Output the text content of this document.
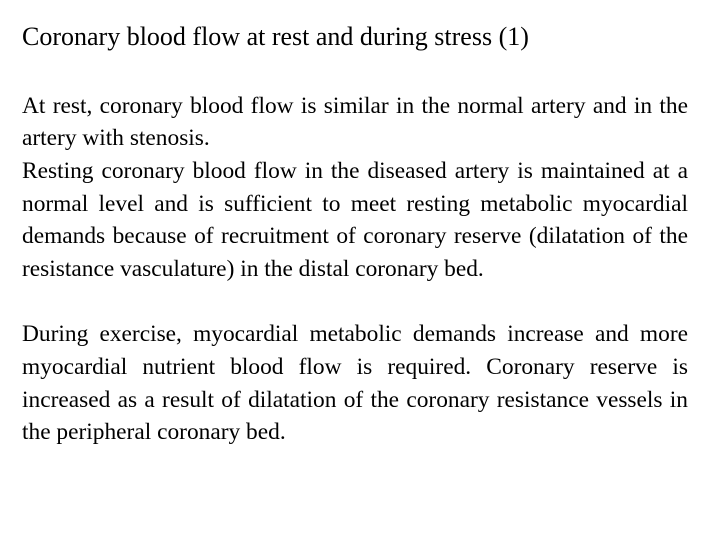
Coronary blood flow at rest and during stress (1)

At rest, coronary blood flow is similar in the normal artery and in the artery with stenosis.

Resting coronary blood flow in the diseased artery is maintained at a normal level and is sufficient to meet resting metabolic myocardial demands because of recruitment of coronary reserve (dilatation of the resistance vasculature) in the distal coronary bed.

During exercise, myocardial metabolic demands increase and more myocardial nutrient blood flow is required. Coronary reserve is increased as a result of dilatation of the coronary resistance vessels in the peripheral coronary bed.
